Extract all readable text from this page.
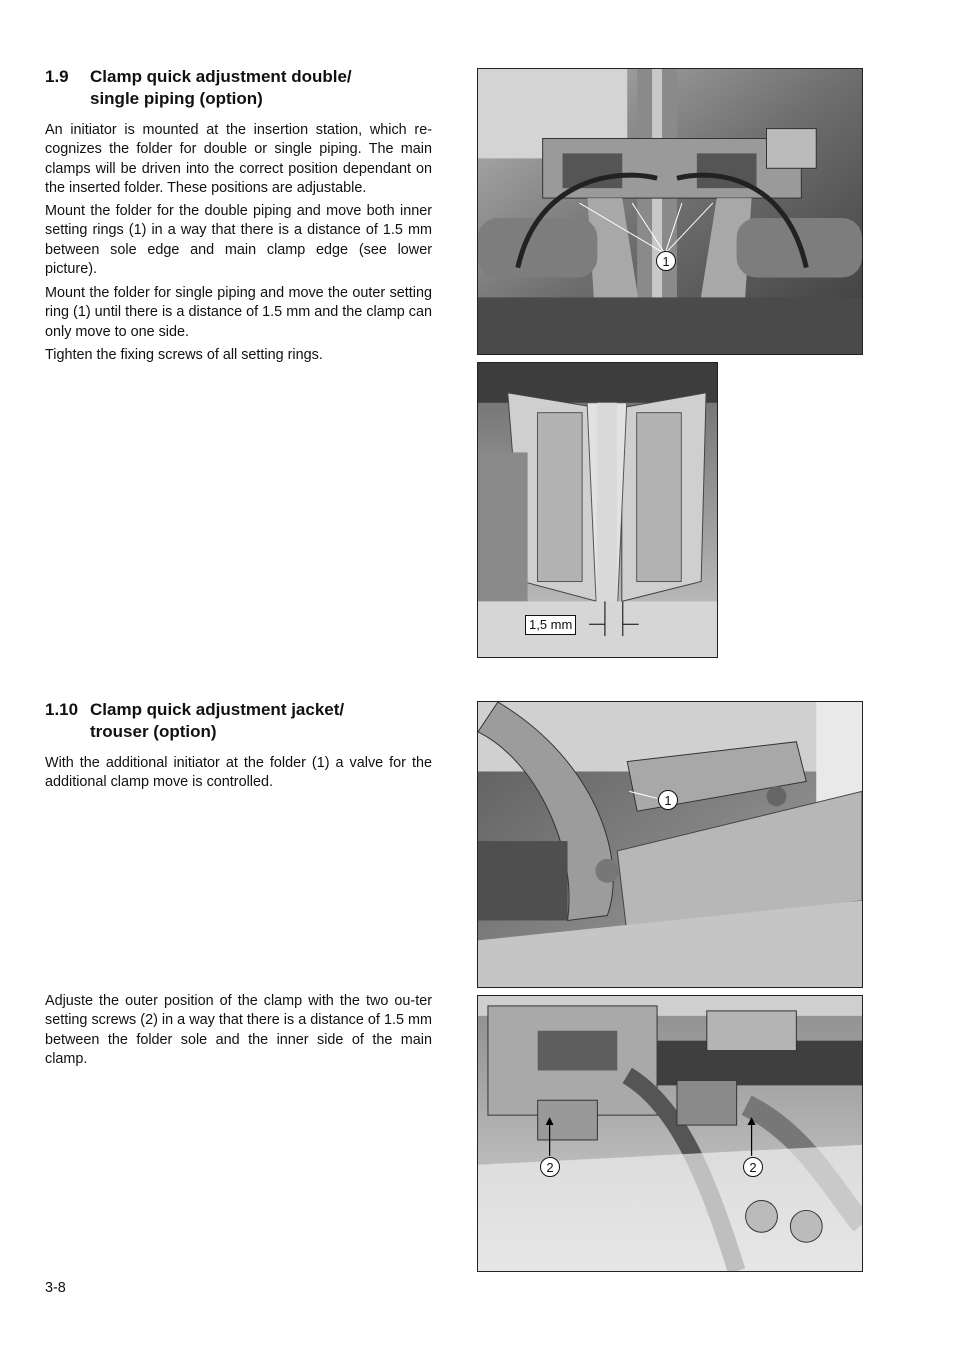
1.9 Clamp quick adjustment double/
single piping (option)

An initiator is mounted at the insertion station, which re-cognizes the folder for double or single piping. The main clamps will be driven into the correct position dependant on the inserted folder. These positions are adjustable.

Mount the folder for the double piping and move both inner setting rings (1) in a way that there is a distance of 1.5 mm between sole edge and main clamp edge (see lower picture).

Mount the folder for single piping and move the outer setting ring (1) until there is a distance of 1.5 mm and the clamp can only move to one side.

Tighten the fixing screws of all setting rings.

1
1,5 mm
1.10 Clamp quick adjustment jacket/
trouser (option)

With the additional initiator at the folder (1) a valve for the additional clamp move is controlled.

1

Adjuste the outer position of the clamp with the two ou-ter setting screws (2) in a way that there is a distance of 1.5 mm between the folder sole and the inner side of the main clamp.

2	2
3-8
